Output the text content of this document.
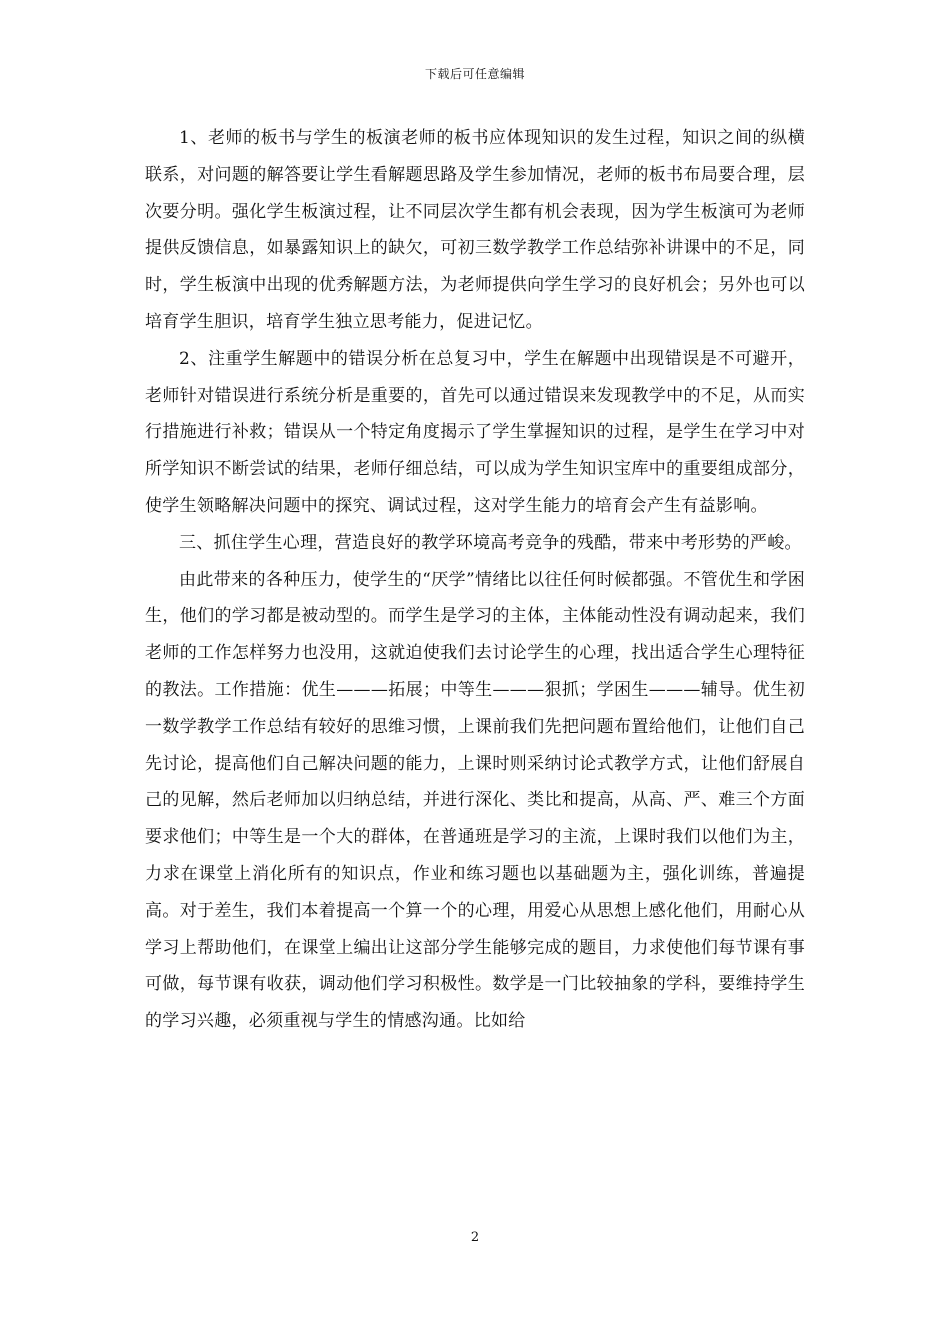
下载后可任意编辑

1、老师的板书与学生的板演老师的板书应体现知识的发生过程，知识之间的纵横联系，对问题的解答要让学生看解题思路及学生参加情况，老师的板书布局要合理，层次要分明。强化学生板演过程，让不同层次学生都有机会表现，因为学生板演可为老师提供反馈信息，如暴露知识上的缺欠，可初三数学教学工作总结弥补讲课中的不足，同时，学生板演中出现的优秀解题方法，为老师提供向学生学习的良好机会；另外也可以培育学生胆识，培育学生独立思考能力，促进记忆。

2、注重学生解题中的错误分析在总复习中，学生在解题中出现错误是不可避开，老师针对错误进行系统分析是重要的，首先可以通过错误来发现教学中的不足，从而实行措施进行补救；错误从一个特定角度揭示了学生掌握知识的过程，是学生在学习中对所学知识不断尝试的结果，老师仔细总结，可以成为学生知识宝库中的重要组成部分，使学生领略解决问题中的探究、调试过程，这对学生能力的培育会产生有益影响。

三、抓住学生心理，营造良好的教学环境高考竞争的残酷，带来中考形势的严峻。

由此带来的各种压力，使学生的“厌学”情绪比以往任何时候都强。不管优生和学困生，他们的学习都是被动型的。而学生是学习的主体，主体能动性没有调动起来，我们老师的工作怎样努力也没用，这就迫使我们去讨论学生的心理，找出适合学生心理特征的教法。工作措施：优生———拓展；中等生———狠抓；学困生———辅导。优生初一数学教学工作总结有较好的思维习惯，上课前我们先把问题布置给他们，让他们自己先讨论，提高他们自己解决问题的能力，上课时则采纳讨论式教学方式，让他们舒展自己的见解，然后老师加以归纳总结，并进行深化、类比和提高，从高、严、难三个方面要求他们；中等生是一个大的群体，在普通班是学习的主流，上课时我们以他们为主，力求在课堂上消化所有的知识点，作业和练习题也以基础题为主，强化训练，普遍提高。对于差生，我们本着提高一个算一个的心理，用爱心从思想上感化他们，用耐心从学习上帮助他们，在课堂上编出让这部分学生能够完成的题目，力求使他们每节课有事可做，每节课有收获，调动他们学习积极性。数学是一门比较抽象的学科，要维持学生的学习兴趣，必须重视与学生的情感沟通。比如给

2
